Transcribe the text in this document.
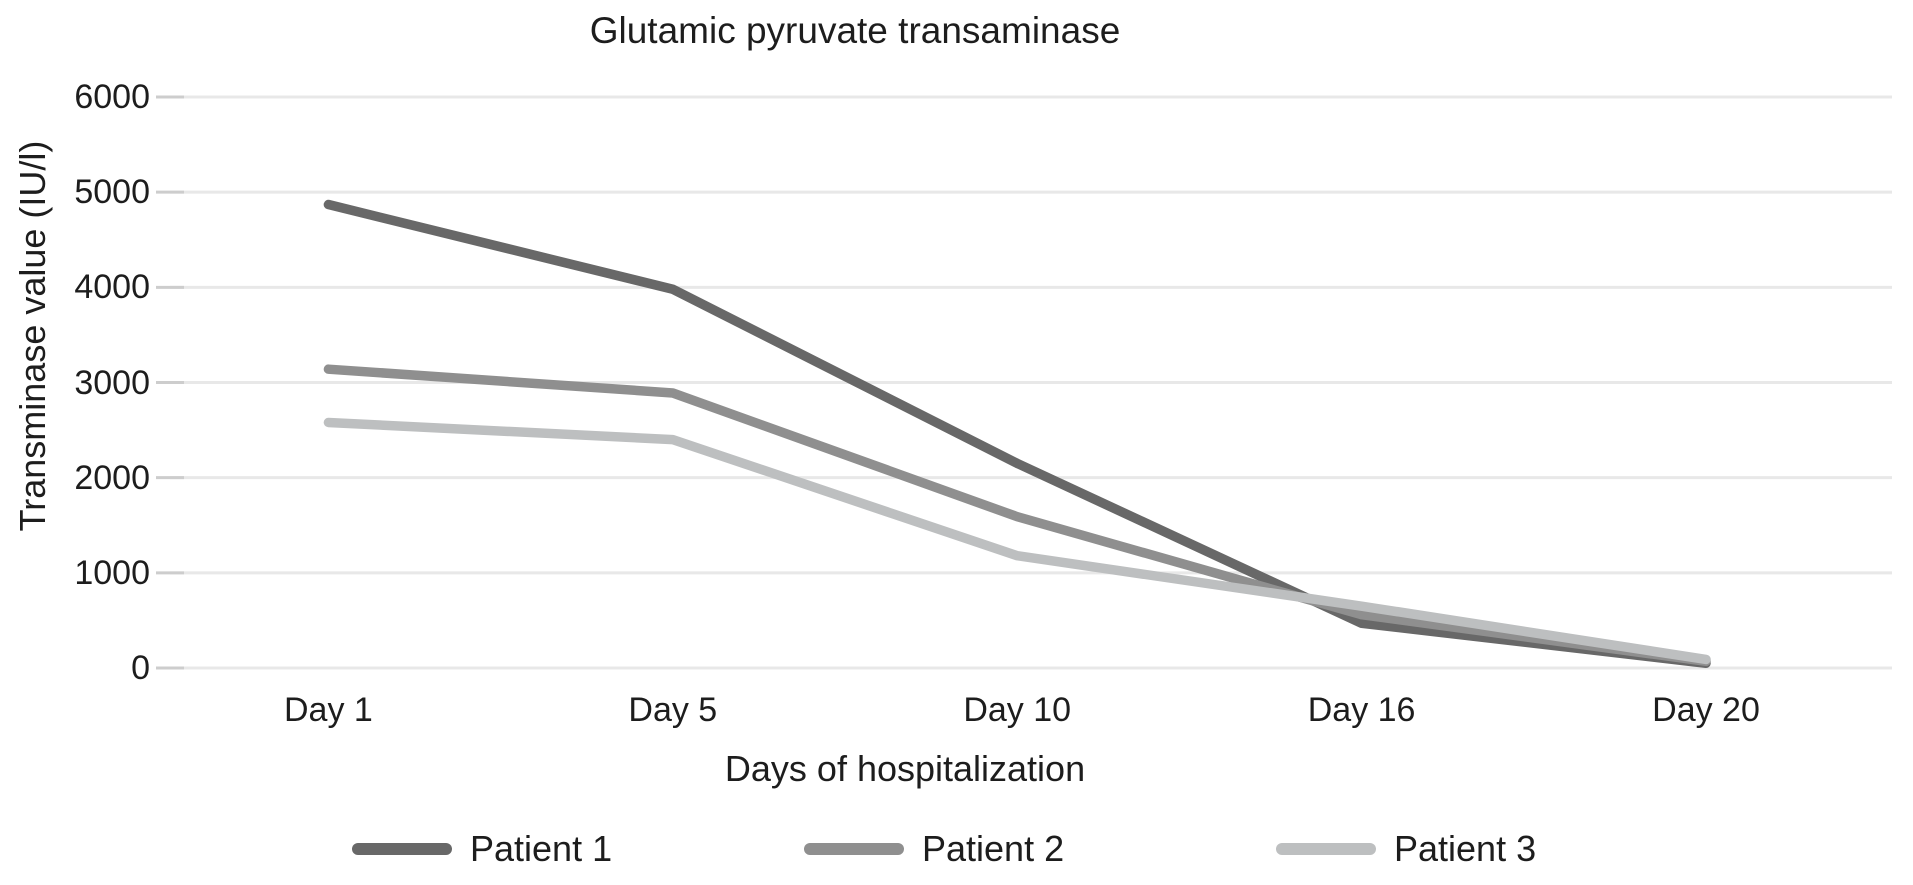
Glutamic pyruvate transaminase
Transminase value (IU/l)
6000
5000
4000
3000
2000
1000
0
Day 1	Day 5	Day 10	Day 16	Day 20
Days of hospitalization
Patient 1	Patient 2	Patient 3
